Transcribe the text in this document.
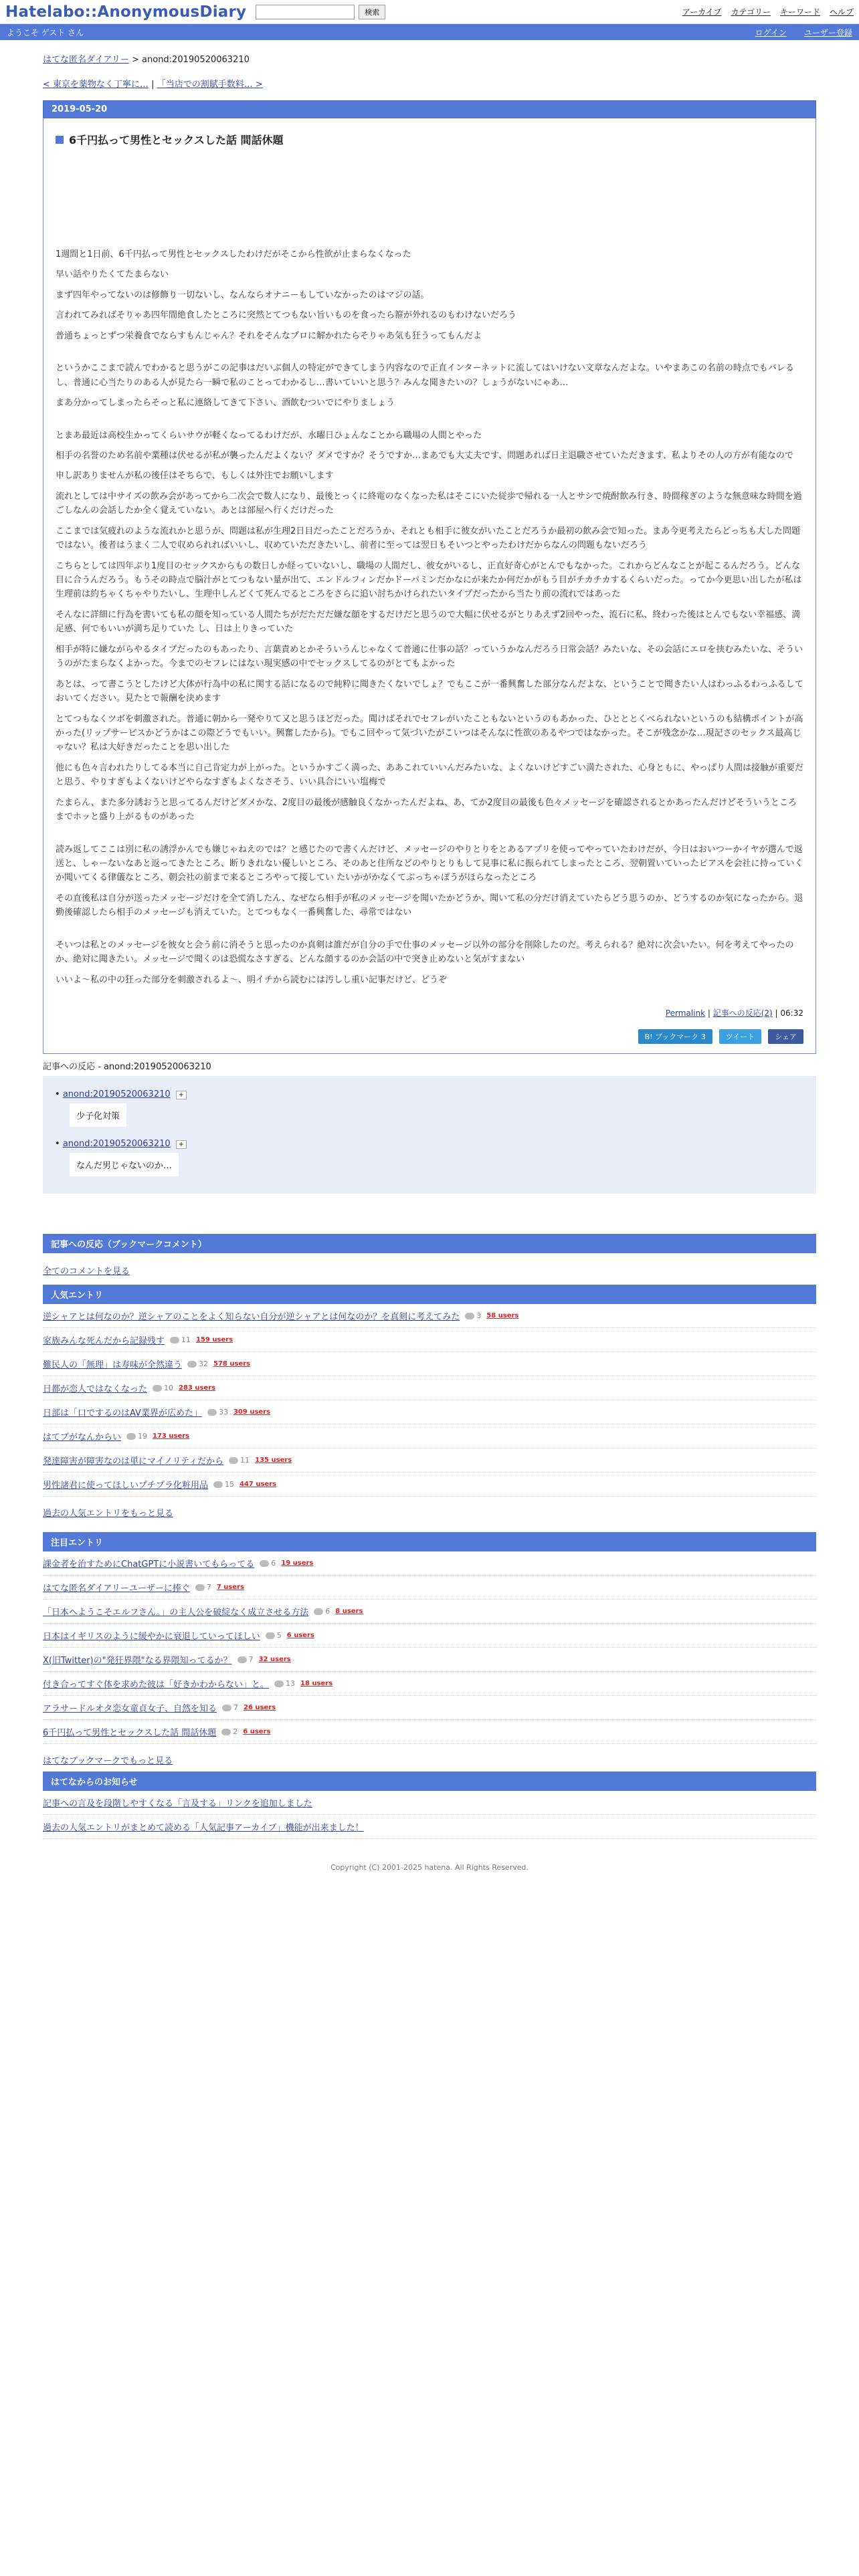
Hatelabo::AnonymousDiary	検索	アーカイブ カテゴリー キーワード ヘルプ
ようこそ ゲスト さん	ログイン ユーザー登録
はてな匿名ダイアリー > anond:20190520063210
< 東京を薬物なく丁寧に… | 「当店での割賦手数料… >
2019-05-20
6千円払って男性とセックスした話 間話休題

1週間と1日前、6千円払って男性とセックスしたわけだがそこから性欲が止まらなくなった

早い話やりたくてたまらない

まず四年やってないのは修飾り一切ないし、なんならオナニーもしていなかったのはマジの話。

言われてみればそりゃあ四年間絶食したところに突然とてつもない旨いものを食ったら箍が外れるのもわけないだろう

普通ちょっとずつ栄養食でならすもんじゃん？それをそんなプロに解かれたらそりゃあ気も狂うってもんだよ

というかここまで読んでわかると思うがこの記事はだいぶ個人の特定ができてしまう内容なので正直インターネットに流してはいけない文章なんだよな。いやまあこの名前の時点でもバレるし、普通に心当たりのある人が見たら一瞬で私のことってわかるし…書いていいと思う？みんな聞きたいの？しょうがないにゃあ…

まあ分かってしまったらそっと私に連絡してきて下さい、酒飲むついでにやりましょう

とまあ最近は高校生かってくらいサウが軽くなってるわけだが、水曜日ひょんなことから職場の人間とやった

相手の名誉のため名前や業種は伏せるが私が襲ったんだよくない？ダメですか？そうですか…まあでも大丈夫です、問題あれば日主退職させていただきます、私よりその人の方が有能なので

申し訳ありませんが私の後任はそちらで、もしくは外注でお願いします

流れとしては中サイズの飲み会があってから二次会で数人になり、最後とっくに終電のなくなった私はそこにいた従歩で帰れる一人とサシで焼酎飲み行き、時間稼ぎのような無意味な時間を過ごしなんの会話したか全く覚えていない。あとは部屋へ行くだけだった

ここまでは気疲れのような流れかと思うが、問題は私が生理2日目だったことだろうか、それとも相手に彼女がいたことだろうか最初の飲み会で知った。まあ今更考えたらどっちも大した問題ではない。後者はうまく二人で収められればいいし、収めていただきたいし、前者に至っては翌日もそいつとやったわけだからなんの問題もないだろう

こちらとしては四年ぶり1度目のセックスからもの数日しか経っていないし、職場の人間だし、彼女がいるし、正直好奇心がとんでもなかった。これからどんなことが起こるんだろう。どんな目に合うんだろう。もうその時点で脳汁がとてつもない量が出て、エンドルフィンだかドーパミンだかなにが来たか何だかがもう目がチカチカするくらいだった。ってか今更思い出したが私は生理前は約ちゃくちゃやりたいし、生理中しんどくて死んでるところをさらに追い討ちかけられたいタイプだったから当たり前の流れではあった

そんなに詳細に行為を書いても私の顔を知っている人間たちがだただだ嫌な顔をするだけだと思うので大幅に伏せるがとりあえず2回やった、流石に私、終わった後はとんでもない幸福感、満足感、何でもいいが満ち足りていた し、日は上りきっていた

相手が特に嫌ながらやるタイプだったのもあったり、言葉責めとかそういうんじゃなくて普通に仕事の話？っていうかなんだろう日常会話？みたいな、その会話にエロを挟むみたいな、そういうのがたまらなくよかった。今までのセフレにはない現実感の中でセックスしてるのがとてもよかった

あとは、って書こうとしたけど大体が行為中の私に関する話になるので純粋に聞きたくないでしょ？でもここが一番興奮した部分なんだよな、ということで聞きたい人はわっふるわっふるしておいてください。見たとで報酬を決めます

とてつもなくツボを刺激された。普通に朝から一発やりて又と思うほどだった。聞けばそれでセフレがいたこともないというのもあかった、ひとととくべられないというのも結構ポイントが高かった(リップサービスかどうかはこの際どうでもいい。興奮したから)。でもこ回やって気づいたがこいつはそんなに性欲のあるやつではなかった。そこが残念かな…現記さのセックス最高じゃない？私は大好きだったことを思い出した

他にも色々言われたりしてる本当に自己肯定力が上がった。というかすごく満った、ああこれていいんだみたいな、よくないけどすごい満たされた、心身ともに、やっぱり人間は接触が重要だと思う、やりすぎもよくないけどやらなすぎもよくなさそう、いい具合にいい塩梅で

たまらん、また多分誘おうと思ってるんだけどダメかな、2度目の最後が感触良くなかったんだよね、あ、てか2度目の最後も色々メッセージを確認されるとかあったんだけどそういうところまでホッと盛り上がるものがあった

読み返してここは別に私の誘浮かんでも嫌じゃねえのでは？と感じたので書くんだけど、メッセージのやりとりをとあるアプリを使ってやっていたわけだが、今日はおいつーかイヤが選んで返送と、しゃーないなあと返ってきたところ、断りきれない優しいところ、そのあと住所などのやりとりもして見事に私に振られてしまったところ、翌朝置いていったピアスを会社に持っていくか聞いてくる律儀なところ、朝会社の前まで来るところやって接してい たいかがかなくてぶっちゃぽうがほらなったところ

その直後私は自分が送ったメッセージだけを全て消したん、なぜなら相手が私のメッセージを聞いたかどうか、聞いて私の分だけ消えていたらどう思うのか、どうするのか気になったから。退勤後確認したら相手のメッセージも消えていた。とてつもなく一番興奮した、尋常ではない

そいつは私とのメッセージを彼女と会う前に消そうと思ったのか真剣は誰だが自分の手で仕事のメッセージ以外の部分を削除したのだ。考えられる？絶対に次会いたい。何を考えてやったのか、絶対に聞きたい。メッセージで聞くのは恐慌なさすぎる、どんな顔するのか会話の中で突き止めないと気がすまない

いいよ〜私の中の狂った部分を刺激されるよ〜、明イチから読むには汚しし重い記事だけど、どうぞ

Permalink | 記事への反応(2) | 06:32
B! ブックマーク 3	ツイート	シェア
記事への反応 - anond:20190520063210
• anond:20190520063210 +
少子化対策
• anond:20190520063210 +
なんだ男じゃないのか…
記事への反応（ブックマークコメント）
全てのコメントを見る
人気エントリ
逆シャアとは何なのか？逆シャアのことをよく知らない自分が逆シャアとは何なのか？を真剣に考えてみた 3 58 users
家族みんな死んだから記録残す 11 159 users
難民人の「無理」は寿味が全然違う 32 578 users
日都が恋人ではなくなった 10 283 users
日部は「口でするのはAV業界が広めた」 33 309 users
はてブがなんからい 19 173 users
発達障害が障害なのは単にマイノリティだから 11 135 users
男性諸君に使ってほしいプチプラ化粧用品 15 447 users
過去の人気エントリをもっと見る
注目エントリ
課金者を治すためにChatGPTに小説書いてもらってる 6 19 users
はてな匿名ダイアリーユーザーに捧ぐ 7 7 users
「日本へようこそエルフさん。」の主人公を破綻なく成立させる方法 6 8 users
日本はイギリスのように緩やかに衰退していってほしい 5 6 users
X(旧Twitter)の"発狂界隈"なる界隈知ってるか？ 7 32 users
付き合ってすぐ体を求めた彼は「好きかわからない」と。 13 18 users
アラサードルオタ恋女童貞女子、自然を知る 7 26 users
6千円払って男性とセックスした話 間話休題 2 6 users
はてなブックマークでもっと見る
はてなからのお知らせ
記事への言及を段階しやすくなる「言及する」リンクを追加しました
過去の人気エントリがまとめて読める「人気記事アーカイブ」機能が出来ました！
Copyright (C) 2001-2025 hatena. All Rights Reserved.
